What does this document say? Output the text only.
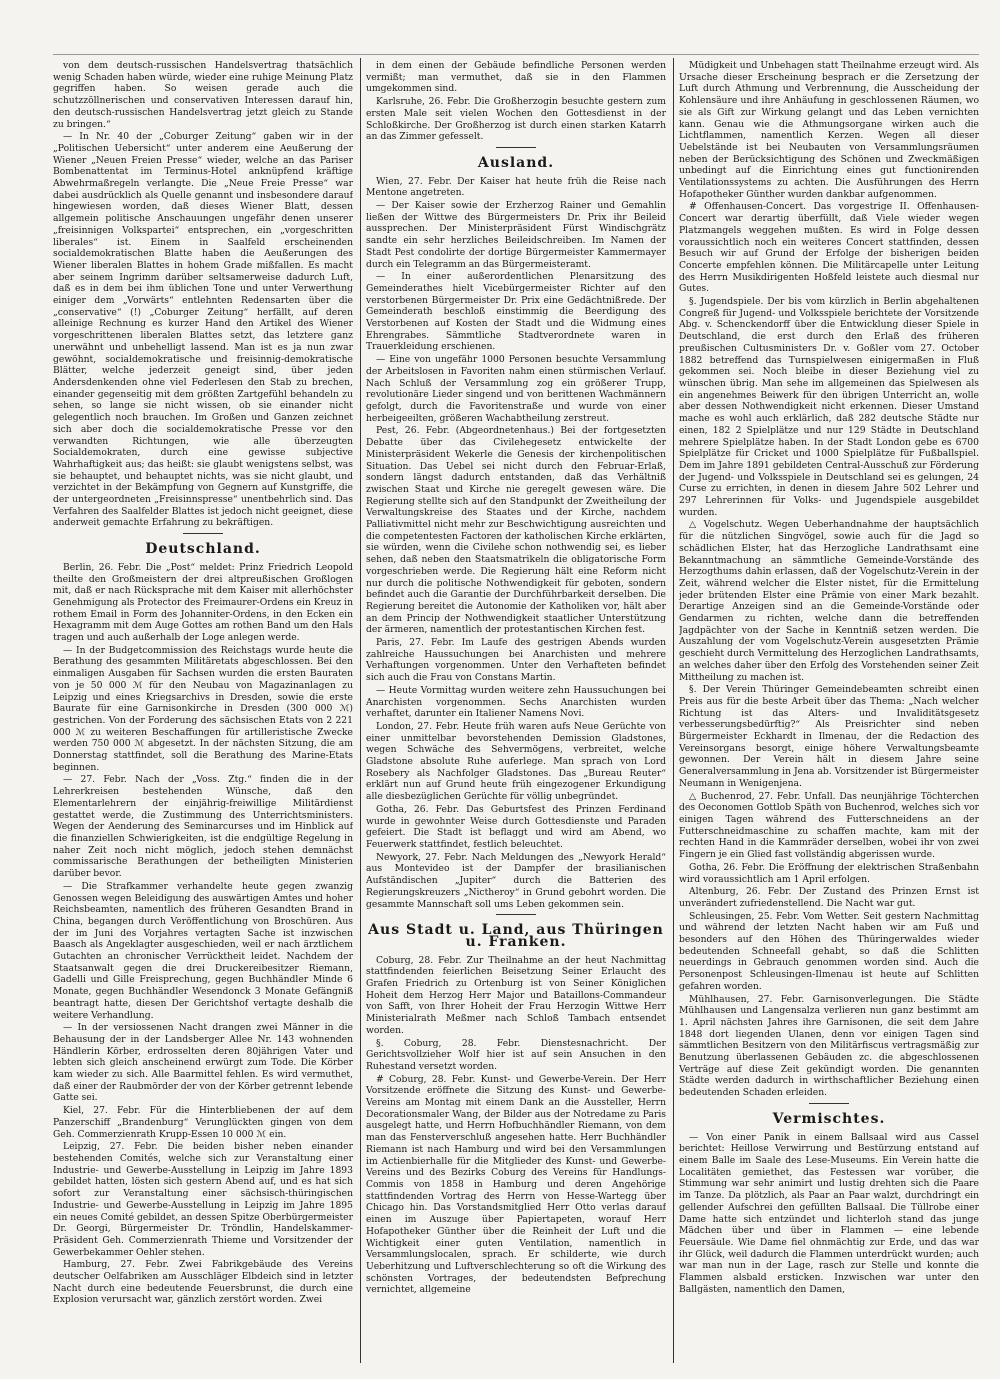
von dem deutsch-russischen Handelsvertrag thatsächlich wenig Schaden haben würde, wieder eine ruhige Meinung Platz gegriffen haben. So weisen gerade auch die schutzzöllnerischen und conservativen Interessen darauf hin, den deutsch-russischen Handelsvertrag jetzt gleich zu Stande zu bringen.“

— In Nr. 40 der „Coburger Zeitung“ gaben wir in der „Politischen Uebersicht“ unter anderem eine Aeußerung der Wiener „Neuen Freien Presse“ wieder, welche an das Pariser Bombenattentat im Terminus-Hotel anknüpfend kräftige Abwehrmaßregeln verlangte. Die „Neue Freie Presse“ war dabei ausdrücklich als Quelle genannt und insbesondere darauf hingewiesen worden, daß dieses Wiener Blatt, dessen allgemein politische Anschauungen ungefähr denen unserer „freisinnigen Volkspartei“ entsprechen, ein „vorgeschritten liberales“ ist. Einem in Saalfeld erscheinenden socialdemokratischen Blatte haben die Aeußerungen des Wiener liberalen Blattes in hohem Grade mißfallen. Es macht aber seinem Ingrimm darüber seltsamerweise dadurch Luft, daß es in dem bei ihm üblichen Tone und unter Verwerthung einiger dem „Vorwärts“ entlehnten Redensarten über die „conservative“ (!) „Coburger Zeitung“ herfällt, auf deren alleinige Rechnung es kurzer Hand den Artikel des Wiener vorgeschrittenen liberalen Blattes setzt, das letztere ganz unerwähnt und unbehelligt lassend. Man ist es ja nun zwar gewöhnt, socialdemokratische und freisinnig-demokratische Blätter, welche jederzeit geneigt sind, über jeden Andersdenkenden ohne viel Federlesen den Stab zu brechen, einander gegenseitig mit dem größten Zartgefühl behandeln zu sehen, so lange sie nicht wissen, ob sie einander nicht gelegentlich noch brauchen. Im Großen und Ganzen zeichnet sich aber doch die socialdemokratische Presse vor den verwandten Richtungen, wie alle überzeugten Socialdemokraten, durch eine gewisse subjective Wahrhaftigkeit aus; das heißt: sie glaubt wenigstens selbst, was sie behauptet, und behauptet nichts, was sie nicht glaubt, und verzichtet in der Bekämpfung von Gegnern auf Kunstgriffe, die der untergeordneten „Freisinnspresse“ unentbehrlich sind. Das Verfahren des Saalfelder Blattes ist jedoch nicht geeignet, diese anderweit gemachte Erfahrung zu bekräftigen.

Deutschland.

Berlin, 26. Febr. Die „Post“ meldet: Prinz Friedrich Leopold theilte den Großmeistern der drei altpreußischen Großlogen mit, daß er nach Rücksprache mit dem Kaiser mit allerhöchster Genehmigung als Protector des Freimaurer-Ordens ein Kreuz in rothem Email in Form des Johanniter-Ordens, in den Ecken ein Hexagramm mit dem Auge Gottes am rothen Band um den Hals tragen und auch außerhalb der Loge anlegen werde.

— In der Budgetcommission des Reichstags wurde heute die Berathung des gesammten Militäretats abgeschlossen. Bei den einmaligen Ausgaben für Sachsen wurden die ersten Bauraten von je 50 000 ℳ für den Neubau von Magazinanlagen zu Leipzig und eines Kriegsarchivs in Dresden, sowie die erste Baurate für eine Garnisonkirche in Dresden (300 000 ℳ) gestrichen. Von der Forderung des sächsischen Etats von 2 221 000 ℳ zu weiteren Beschaffungen für artilleristische Zwecke werden 750 000 ℳ abgesetzt. In der nächsten Sitzung, die am Donnerstag stattfindet, soll die Berathung des Marine-Etats beginnen.

— 27. Febr. Nach der „Voss. Ztg.“ finden die in der Lehrerkreisen bestehenden Wünsche, daß den Elementarlehrern der einjährig-freiwillige Militärdienst gestattet werde, die Zustimmung des Unterrichtsministers. Wegen der Aenderung des Seminarcurses und im Hinblick auf die finanziellen Schwierigkeiten, ist die endgültige Regelung in naher Zeit noch nicht möglich, jedoch stehen demnächst commissarische Berathungen der betheiligten Ministerien darüber bevor.

— Die Strafkammer verhandelte heute gegen zwanzig Genossen wegen Beleidigung des auswärtigen Amtes und hoher Reichsbeamten, namentlich des früheren Gesandten Brand in China, begangen durch Veröffentlichung von Broschüren. Aus der im Juni des Vorjahres vertagten Sache ist inzwischen Baasch als Angeklagter ausgeschieden, weil er nach ärztlichem Gutachten an chronischer Verrücktheit leidet. Nachdem der Staatsanwalt gegen die drei Druckereibesitzer Riemann, Gadelli und Gille Freisprechung, gegen Buchhändler Minde 6 Monate, gegen Buchhändler Wesendonck 3 Monate Gefängniß beantragt hatte, diesen Der Gerichtshof vertagte deshalb die weitere Verhandlung.

— In der versiossenen Nacht drangen zwei Männer in die Behausung der in der Landsberger Allee Nr. 143 wohnenden Händlerin Körber, erdrosselten deren 80jährigen Vater und lebten sich gleich anscheinend erwürgt zum Tode. Die Körber kam wieder zu sich. Alle Baarmittel fehlen. Es wird vermuthet, daß einer der Raubmörder der von der Körber getrennt lebende Gatte sei.

Kiel, 27. Febr. Für die Hinterbliebenen der auf dem Panzerschiff „Brandenburg“ Verunglückten gingen von dem Geh. Commerzienrath Krupp-Essen 10 000 ℳ ein.

Leipzig, 27. Febr. Die beiden bisher neben einander bestehenden Comités, welche sich zur Veranstaltung einer Industrie- und Gewerbe-Ausstellung in Leipzig im Jahre 1893 gebildet hatten, lösten sich gestern Abend auf, und es hat sich sofort zur Veranstaltung einer sächsisch-thüringischen Industrie- und Gewerbe-Ausstellung in Leipzig im Jahre 1895 ein neues Comité gebildet, an dessen Spitze Oberbürgermeister Dr. Georgi, Bürgermeister Dr. Tröndlin, Handelskammer-Präsident Geh. Commerzienrath Thieme und Vorsitzender der Gewerbekammer Oehler stehen.

Hamburg, 27. Febr. Zwei Fabrikgebäude des Vereins deutscher Oelfabriken am Ausschläger Elbdeich sind in letzter Nacht durch eine bedeutende Feuersbrunst, die durch eine Explosion verursacht war, gänzlich zerstört worden. Zwei

in dem einen der Gebäude befindliche Personen werden vermißt; man vermuthet, daß sie in den Flammen umgekommen sind.

Karlsruhe, 26. Febr. Die Großherzogin besuchte gestern zum ersten Male seit vielen Wochen den Gottesdienst in der Schloßkirche. Der Großherzog ist durch einen starken Katarrh an das Zimmer gefesselt.

Ausland.

Wien, 27. Febr. Der Kaiser hat heute früh die Reise nach Mentone angetreten.

— Der Kaiser sowie der Erzherzog Rainer und Gemahlin ließen der Wittwe des Bürgermeisters Dr. Prix ihr Beileid aussprechen. Der Ministerpräsident Fürst Windischgrätz sandte ein sehr herzliches Beileidschreiben. Im Namen der Stadt Pest condolirte der dortige Bürgermeister Kammermayer durch ein Telegramm an das Bürgermeisteramt.

— In einer außerordentlichen Plenarsitzung des Gemeinderathes hielt Vicebürgermeister Richter auf den verstorbenen Bürgermeister Dr. Prix eine Gedächtnißrede. Der Gemeinderath beschloß einstimmig die Beerdigung des Verstorbenen auf Kosten der Stadt und die Widmung eines Ehrengrabes. Sämmtliche Stadtverordnete waren in Trauerkleidung erschienen.

— Eine von ungefähr 1000 Personen besuchte Versammlung der Arbeitslosen in Favoriten nahm einen stürmischen Verlauf. Nach Schluß der Versammlung zog ein größerer Trupp, revolutionäre Lieder singend und von berittenen Wachmännern gefolgt, durch die Favoritenstraße und wurde von einer herbeigeeilten, größeren Wachabtheilung zerstreut.

Pest, 26. Febr. (Abgeordnetenhaus.) Bei der fortgesetzten Debatte über das Civilehegesetz entwickelte der Ministerpräsident Wekerle die Genesis der kirchenpolitischen Situation. Das Uebel sei nicht durch den Februar-Erlaß, sondern längst dadurch entstanden, daß das Verhältniß zwischen Staat und Kirche nie geregelt gewesen wäre. Die Regierung stellte sich auf den Standpunkt der Zweitheilung der Verwaltungskreise des Staates und der Kirche, nachdem Palliativmittel nicht mehr zur Beschwichtigung ausreichten und die competentesten Factoren der katholischen Kirche erklärten, sie würden, wenn die Civilehe schon nothwendig sei, es lieber sehen, daß neben den Staatsmatrikeln die obligatorische Form vorgeschrieben werde. Die Regierung hält eine Reform nicht nur durch die politische Nothwendigkeit für geboten, sondern befindet auch die Garantie der Durchführbarkeit derselben. Die Regierung bereitet die Autonomie der Katholiken vor, hält aber an dem Princip der Nothwendigkeit staatlicher Unterstützung der ärmeren, namentlich der protestantischen Kirchen fest.

Paris, 27. Febr. Im Laufe des gestrigen Abends wurden zahlreiche Haussuchungen bei Anarchisten und mehrere Verhaftungen vorgenommen. Unter den Verhafteten befindet sich auch die Frau von Constans Martin.

— Heute Vormittag wurden weitere zehn Haussuchungen bei Anarchisten vorgenommen. Sechs Anarchisten wurden verhaftet, darunter ein Italiener Namens Novi.

London, 27. Febr. Heute früh waren aufs Neue Gerüchte von einer unmittelbar bevorstehenden Demission Gladstones, wegen Schwäche des Sehvermögens, verbreitet, welche Gladstone absolute Ruhe auferlege. Man sprach von Lord Rosebery als Nachfolger Gladstones. Das „Bureau Reuter“ erklärt nun auf Grund heute früh eingezogener Erkundigung alle diesbezüglichen Gerüchte für völlig unbegründet.

Gotha, 26. Febr. Das Geburtsfest des Prinzen Ferdinand wurde in gewohnter Weise durch Gottesdienste und Paraden gefeiert. Die Stadt ist beflaggt und wird am Abend, wo Feuerwerk stattfindet, festlich beleuchtet.

Newyork, 27. Febr. Nach Meldungen des „Newyork Herald“ aus Montevideo ist der Dampfer der brasilianischen Aufständischen „Jupiter“ durch die Batterien des Regierungskreuzers „Nictheroy“ in Grund gebohrt worden. Die gesammte Mannschaft soll ums Leben gekommen sein.

Aus Stadt u. Land, aus Thüringen u. Franken.

Coburg, 28. Febr. Zur Theilnahme an der heut Nachmittag stattfindenden feierlichen Beisetzung Seiner Erlaucht des Grafen Friedrich zu Ortenburg ist von Seiner Königlichen Hoheit dem Herzog Herr Major und Bataillons-Commandeur von Safft, von Ihrer Hoheit der Frau Herzogin Wittwe Herr Ministerialrath Meßmer nach Schloß Tambach entsendet worden.

§. Coburg, 28. Febr. Dienstesnachricht. Der Gerichtsvollzieher Wolf hier ist auf sein Ansuchen in den Ruhestand versetzt worden.

# Coburg, 28. Febr. Kunst- und Gewerbe-Verein. Der Herr Vorsitzende eröffnete die Sitzung des Kunst- und Gewerbe-Vereins am Montag mit einem Dank an die Aussteller, Herrn Decorationsmaler Wang, der Bilder aus der Notredame zu Paris ausgelegt hatte, und Herrn Hofbuchhändler Riemann, von dem man das Fensterverschluß angesehen hatte. Herr Buchhändler Riemann ist nach Hamburg und wird bei den Versammlungen im Actienbierhalle für die Mitglieder des Kunst- und Gewerbe-Vereins und des Bezirks Coburg des Vereins für Handlungs-Commis von 1858 in Hamburg und deren Angehörige stattfindenden Vortrag des Herrn von Hesse-Wartegg über Chicago hin. Das Vorstandsmitglied Herr Otto verlas darauf einen im Auszuge über Papiertapeten, worauf Herr Hofapotheker Günther über die Reinheit der Luft und die Wichtigkeit einer guten Ventilation, namentlich in Versammlungslocalen, sprach. Er schilderte, wie durch Ueberhitzung und Luftverschlechterung so oft die Wirkung des schönsten Vortrages, der bedeutendsten Befprechung vernichtet, allgemeine

Müdigkeit und Unbehagen statt Theilnahme erzeugt wird. Als Ursache dieser Erscheinung besprach er die Zersetzung der Luft durch Athmung und Verbrennung, die Ausscheidung der Kohlensäure und ihre Anhäufung in geschlossenen Räumen, wo sie als Gift zur Wirkung gelangt und das Leben vernichten kann. Genau wie die Athmungsorgane wirken auch die Lichtflammen, namentlich Kerzen. Wegen all dieser Uebelstände ist bei Neubauten von Versammlungsräumen neben der Berücksichtigung des Schönen und Zweckmäßigen unbedingt auf die Einrichtung eines gut functionirenden Ventilationssystems zu achten. Die Ausführungen des Herrn Hofapotheker Günther wurden dankbar aufgenommen.

# Offenhausen-Concert. Das vorgestrige II. Offenhausen-Concert war derartig überfüllt, daß Viele wieder wegen Platzmangels weggehen mußten. Es wird in Folge dessen voraussichtlich noch ein weiteres Concert stattfinden, dessen Besuch wir auf Grund der Erfolge der bisherigen beiden Concerte empfehlen können. Die Militärcapelle unter Leitung des Herrn Musikdirigenten Hoßfeld leistete auch diesmal nur Gutes.

§. Jugendspiele. Der bis vom kürzlich in Berlin abgehaltenen Congreß für Jugend- und Volksspiele berichtete der Vorsitzende Abg. v. Schenckendorff über die Entwicklung dieser Spiele in Deutschland, die erst durch den Erlaß des früheren preußischen Cultusministers Dr. v. Goßler vom 27. October 1882 betreffend das Turnspielwesen einigermaßen in Fluß gekommen sei. Noch bleibe in dieser Beziehung viel zu wünschen übrig. Man sehe im allgemeinen das Spielwesen als ein angenehmes Beiwerk für den übrigen Unterricht an, wolle aber dessen Nothwendigkeit nicht erkennen. Dieser Umstand mache es wohl auch erklärlich, daß 282 deutsche Städte nur einen, 182 2 Spielplätze und nur 129 Städte in Deutschland mehrere Spielplätze haben. In der Stadt London gebe es 6700 Spielplätze für Cricket und 1000 Spielplätze für Fußballspiel. Dem im Jahre 1891 gebildeten Central-Ausschuß zur Förderung der Jugend- und Volksspiele in Deutschland sei es gelungen, 24 Curse zu errichten, in denen in diesem Jahre 502 Lehrer und 297 Lehrerinnen für Volks- und Jugendspiele ausgebildet wurden.

△ Vogelschutz. Wegen Ueberhandnahme der hauptsächlich für die nützlichen Singvögel, sowie auch für die Jagd so schädlichen Elster, hat das Herzogliche Landrathsamt eine Bekanntmachung an sämmtliche Gemeinde-Vorstände des Herzogthums dahin erlassen, daß der Vogelschutz-Verein in der Zeit, während welcher die Elster nistet, für die Ermittelung jeder brütenden Elster eine Prämie von einer Mark bezahlt. Derartige Anzeigen sind an die Gemeinde-Vorstände oder Gendarmen zu richten, welche dann die betreffenden Jagdpächter von der Sache in Kenntniß setzen werden. Die Auszahlung der vom Vogelschutz-Verein ausgesetzten Prämie geschieht durch Vermittelung des Herzoglichen Landrathsamts, an welches daher über den Erfolg des Vorstehenden seiner Zeit Mittheilung zu machen ist.

§. Der Verein Thüringer Gemeindebeamten schreibt einen Preis aus für die beste Arbeit über das Thema: „Nach welcher Richtung ist das Alters- und Invaliditätsgesetz verbesserungsbedürftig?“ Als Preisrichter sind neben Bürgermeister Eckhardt in Ilmenau, der die Redaction des Vereinsorgans besorgt, einige höhere Verwaltungsbeamte gewonnen. Der Verein hält in diesem Jahre seine Generalversammlung in Jena ab. Vorsitzender ist Bürgermeister Neumann in Wenigenjena.

△ Buchenrod, 27. Febr. Unfall. Das neunjährige Töchterchen des Oeconomen Gottlob Späth von Buchenrod, welches sich vor einigen Tagen während des Futterschneidens an der Futterschneidmaschine zu schaffen machte, kam mit der rechten Hand in die Kammräder derselben, wobei ihr von zwei Fingern je ein Glied fast vollständig abgerissen wurde.

Gotha, 26. Febr. Die Eröffnung der elektrischen Straßenbahn wird voraussichtlich am 1 April erfolgen.

Altenburg, 26. Febr. Der Zustand des Prinzen Ernst ist unverändert zufriedenstellend. Die Nacht war gut.

Schleusingen, 25. Febr. Vom Wetter. Seit gestern Nachmittag und während der letzten Nacht haben wir am Fuß und besonders auf den Höhen des Thüringerwaldes wieder bedeutenden Schneefall gehabt, so daß die Schlitten neuerdings in Gebrauch genommen worden sind. Auch die Personenpost Schleusingen-Ilmenau ist heute auf Schlitten gefahren worden.

Mühlhausen, 27. Febr. Garnisonverlegungen. Die Städte Mühlhausen und Langensalza verlieren nun ganz bestimmt am 1. April nächsten Jahres ihre Garnisonen, die seit dem Jahre 1848 dort liegenden Ulanen, denn vor einigen Tagen sind sämmtlichen Besitzern von den Militärfiscus vertragsmäßig zur Benutzung überlassenen Gebäuden zc. die abgeschlossenen Verträge auf diese Zeit gekündigt worden. Die genannten Städte werden dadurch in wirthschaftlicher Beziehung einen bedeutenden Schaden erleiden.

Vermischtes.

— Von einer Panik in einem Ballsaal wird aus Cassel berichtet: Heillose Verwirrung und Bestürzung entstand auf einem Balle im Saale des Lese-Museums. Ein Verein hatte die Localitäten gemiethet, das Festessen war vorüber, die Stimmung war sehr animirt und lustig drehten sich die Paare im Tanze. Da plötzlich, als Paar an Paar walzt, durchdringt ein gellender Aufschrei den gefüllten Ballsaal. Die Tüllrobe einer Dame hatte sich entzündet und lichterloh stand das junge Mädchen über und über in Flammen — eine lebende Feuersäule. Wie Dame fiel ohnmächtig zur Erde, und das war ihr Glück, weil dadurch die Flammen unterdrückt wurden; auch war man nun in der Lage, rasch zur Stelle und konnte die Flammen alsbald ersticken. Inzwischen war unter den Ballgästen, namentlich den Damen,
